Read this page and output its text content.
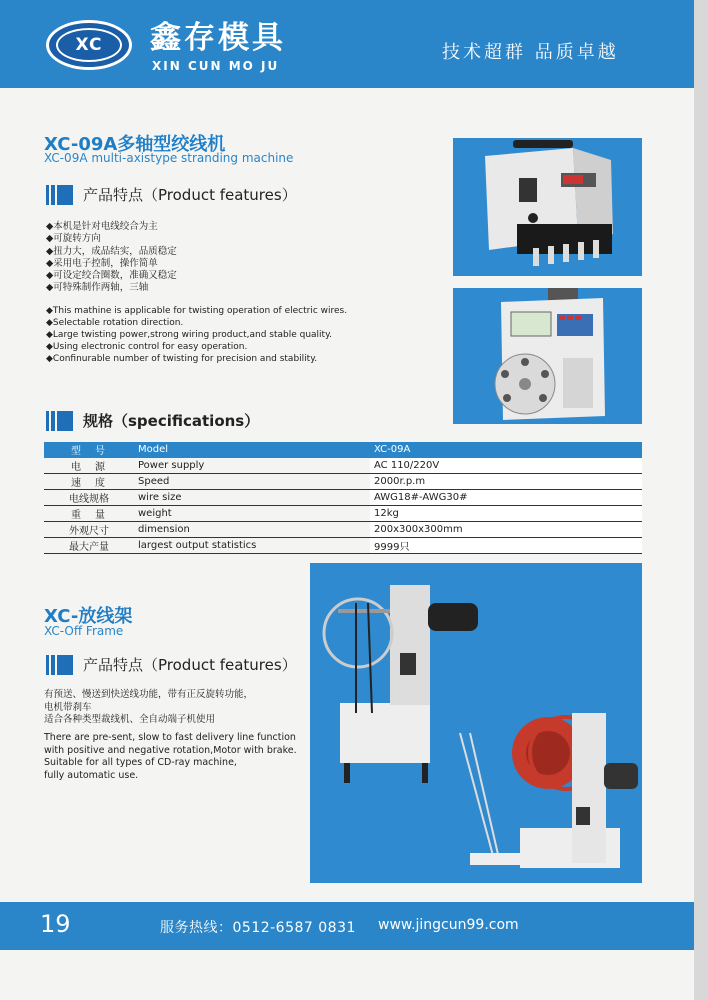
XC	鑫存模具
XIN CUN MO JU
技术超群 品质卓越
XC-09A多轴型绞线机
XC-09A multi-axistype stranding machine
产品特点（Product features）
◆本机是针对电线绞合为主
◆可旋转方向
◆扭力大，成品结实，品质稳定
◆采用电子控制，操作简单
◆可设定绞合圈数，准确又稳定
◆可特殊制作两轴，三轴
◆This mathine is applicable for twisting operation of electric wires.
◆Selectable rotation direction.
◆Large twisting power,strong wiring product,and stable quality.
◆Using electronic control for easy operation.
◆Confinurable number of twisting for precision and stability.
规格（specifications）
型　号	Model	XC-09A
电　源	Power supply	AC 110/220V
速　度	Speed	2000r.p.m
电线规格	wire size	AWG18#-AWG30#
重　量	weight	12kg
外观尺寸	dimension	200x300x300mm
最大产量	largest output statistics	9999只
XC-放线架
XC-Off Frame
产品特点（Product features）
有预送、慢送到快送线功能，带有正反旋转功能，
电机带刹车
适合各种类型裁线机、全自动端子机使用
There are pre-sent, slow to fast delivery line function
with positive and negative rotation,Motor with brake.
Suitable for all types of CD-ray machine,
fully automatic use.
19	服务热线：0512-6587 0831 www.jingcun99.com
